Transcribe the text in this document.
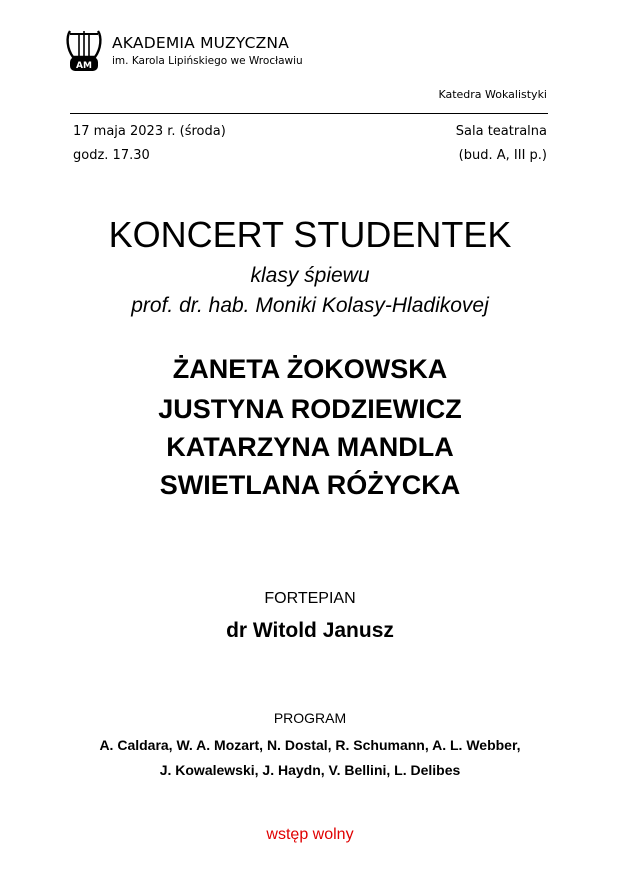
AM
AKADEMIA MUZYCZNA
im. Karola Lipińskiego we Wrocławiu
Katedra Wokalistyki
17 maja 2023 r. (środa)
godz. 17.30
Sala teatralna
(bud. A, III p.)
KONCERT STUDENTEK
klasy śpiewu
prof. dr. hab. Moniki Kolasy-Hladikovej
ŻANETA ŻOKOWSKA
JUSTYNA RODZIEWICZ
KATARZYNA MANDLA
SWIETLANA RÓŻYCKA
FORTEPIAN
dr Witold Janusz
PROGRAM
A. Caldara, W. A. Mozart, N. Dostal, R. Schumann, A. L. Webber,
J. Kowalewski, J. Haydn, V. Bellini, L. Delibes
wstęp wolny
